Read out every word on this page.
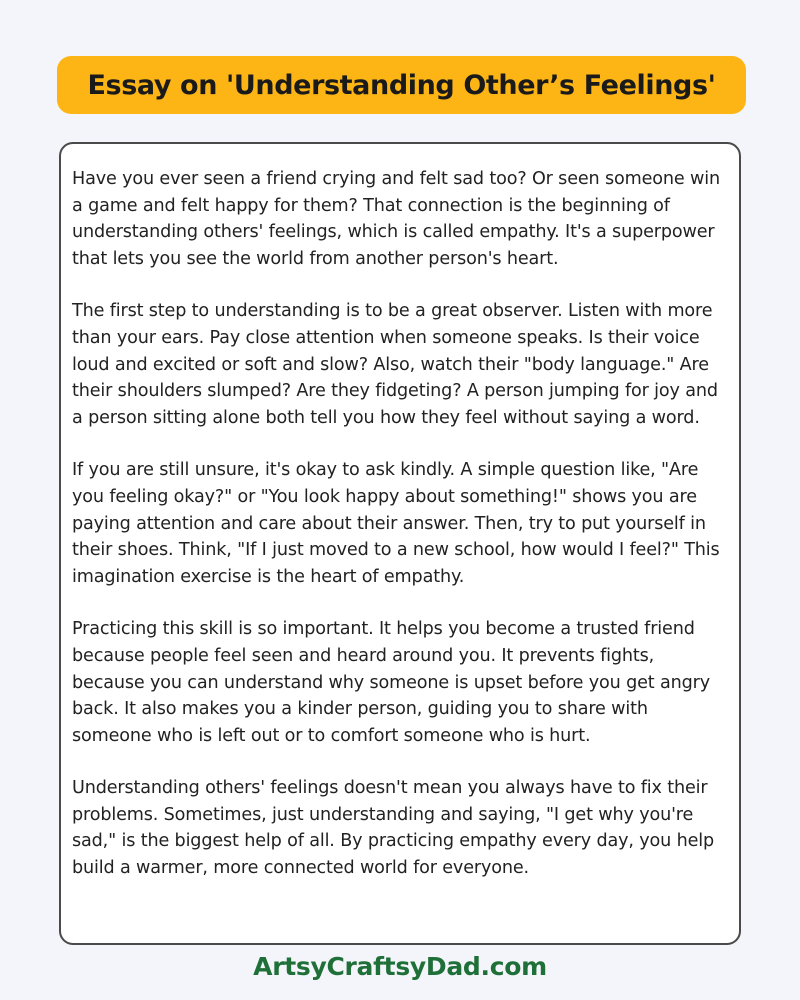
Essay on 'Understanding Other’s Feelings'

Have you ever seen a friend crying and felt sad too? Or seen someone win a game and felt happy for them? That connection is the beginning of understanding others' feelings, which is called empathy. It's a superpower that lets you see the world from another person's heart.

The first step to understanding is to be a great observer. Listen with more than your ears. Pay close attention when someone speaks. Is their voice loud and excited or soft and slow? Also, watch their "body language." Are their shoulders slumped? Are they fidgeting? A person jumping for joy and a person sitting alone both tell you how they feel without saying a word.

If you are still unsure, it's okay to ask kindly. A simple question like, "Are you feeling okay?" or "You look happy about something!" shows you are paying attention and care about their answer. Then, try to put yourself in their shoes. Think, "If I just moved to a new school, how would I feel?" This imagination exercise is the heart of empathy.

Practicing this skill is so important. It helps you become a trusted friend because people feel seen and heard around you. It prevents fights, because you can understand why someone is upset before you get angry back. It also makes you a kinder person, guiding you to share with someone who is left out or to comfort someone who is hurt.

Understanding others' feelings doesn't mean you always have to fix their problems. Sometimes, just understanding and saying, "I get why you're sad," is the biggest help of all. By practicing empathy every day, you help build a warmer, more connected world for everyone.

ArtsyCraftsyDad.com
